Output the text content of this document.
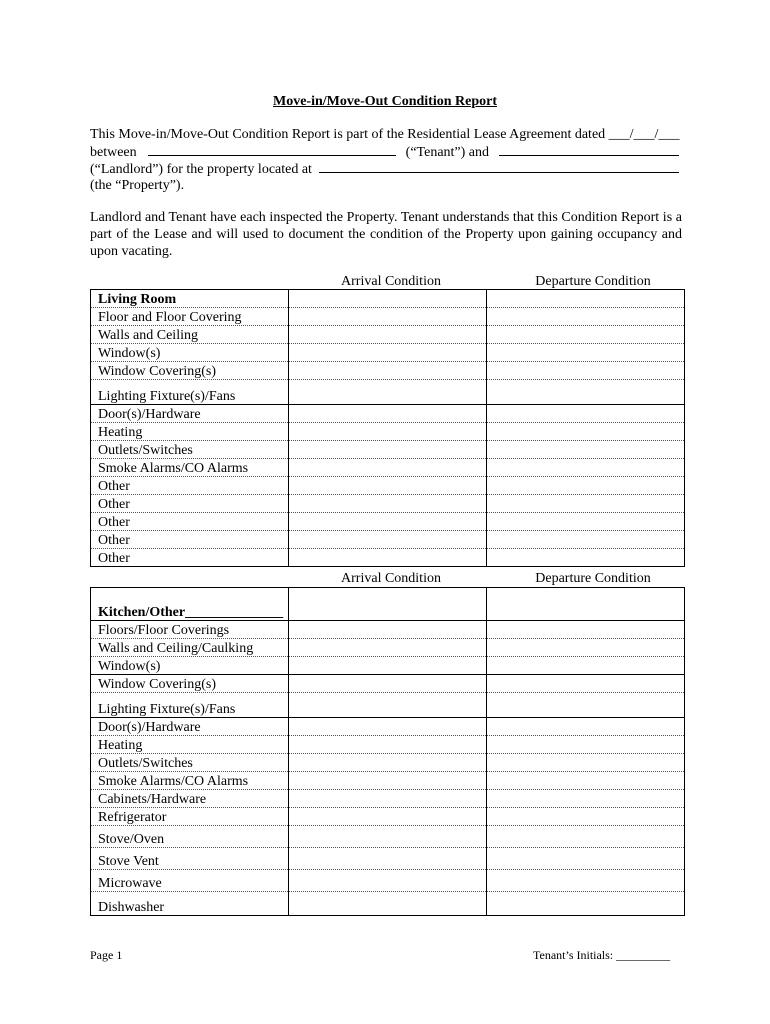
Move-in/Move-Out Condition Report
This Move-in/Move-Out Condition Report is part of the Residential Lease Agreement dated ___/___/___
between	(“Tenant”) and
(“Landlord”) for the property located at
(the “Property”).
Landlord and Tenant have each inspected the Property. Tenant understands that this Condition Report is a part of the Lease and will used to document the condition of the Property upon gaining occupancy and upon vacating.
Arrival Condition	Departure Condition
Living Room		
Floor and Floor Covering		
Walls and Ceiling		
Window(s)		
Window Covering(s)		
Lighting Fixture(s)/Fans		
Door(s)/Hardware		
Heating		
Outlets/Switches		
Smoke Alarms/CO Alarms		
Other		
Other		
Other		
Other		
Other		
Arrival Condition	Departure Condition
Kitchen/Other______________		
Floors/Floor Coverings		
Walls and Ceiling/Caulking		
Window(s)		
Window Covering(s)		
Lighting Fixture(s)/Fans		
Door(s)/Hardware		
Heating		
Outlets/Switches		
Smoke Alarms/CO Alarms		
Cabinets/Hardware		
Refrigerator		
Stove/Oven		
Stove Vent		
Microwave		
Dishwasher		
Page 1	Tenant’s Initials: _________
